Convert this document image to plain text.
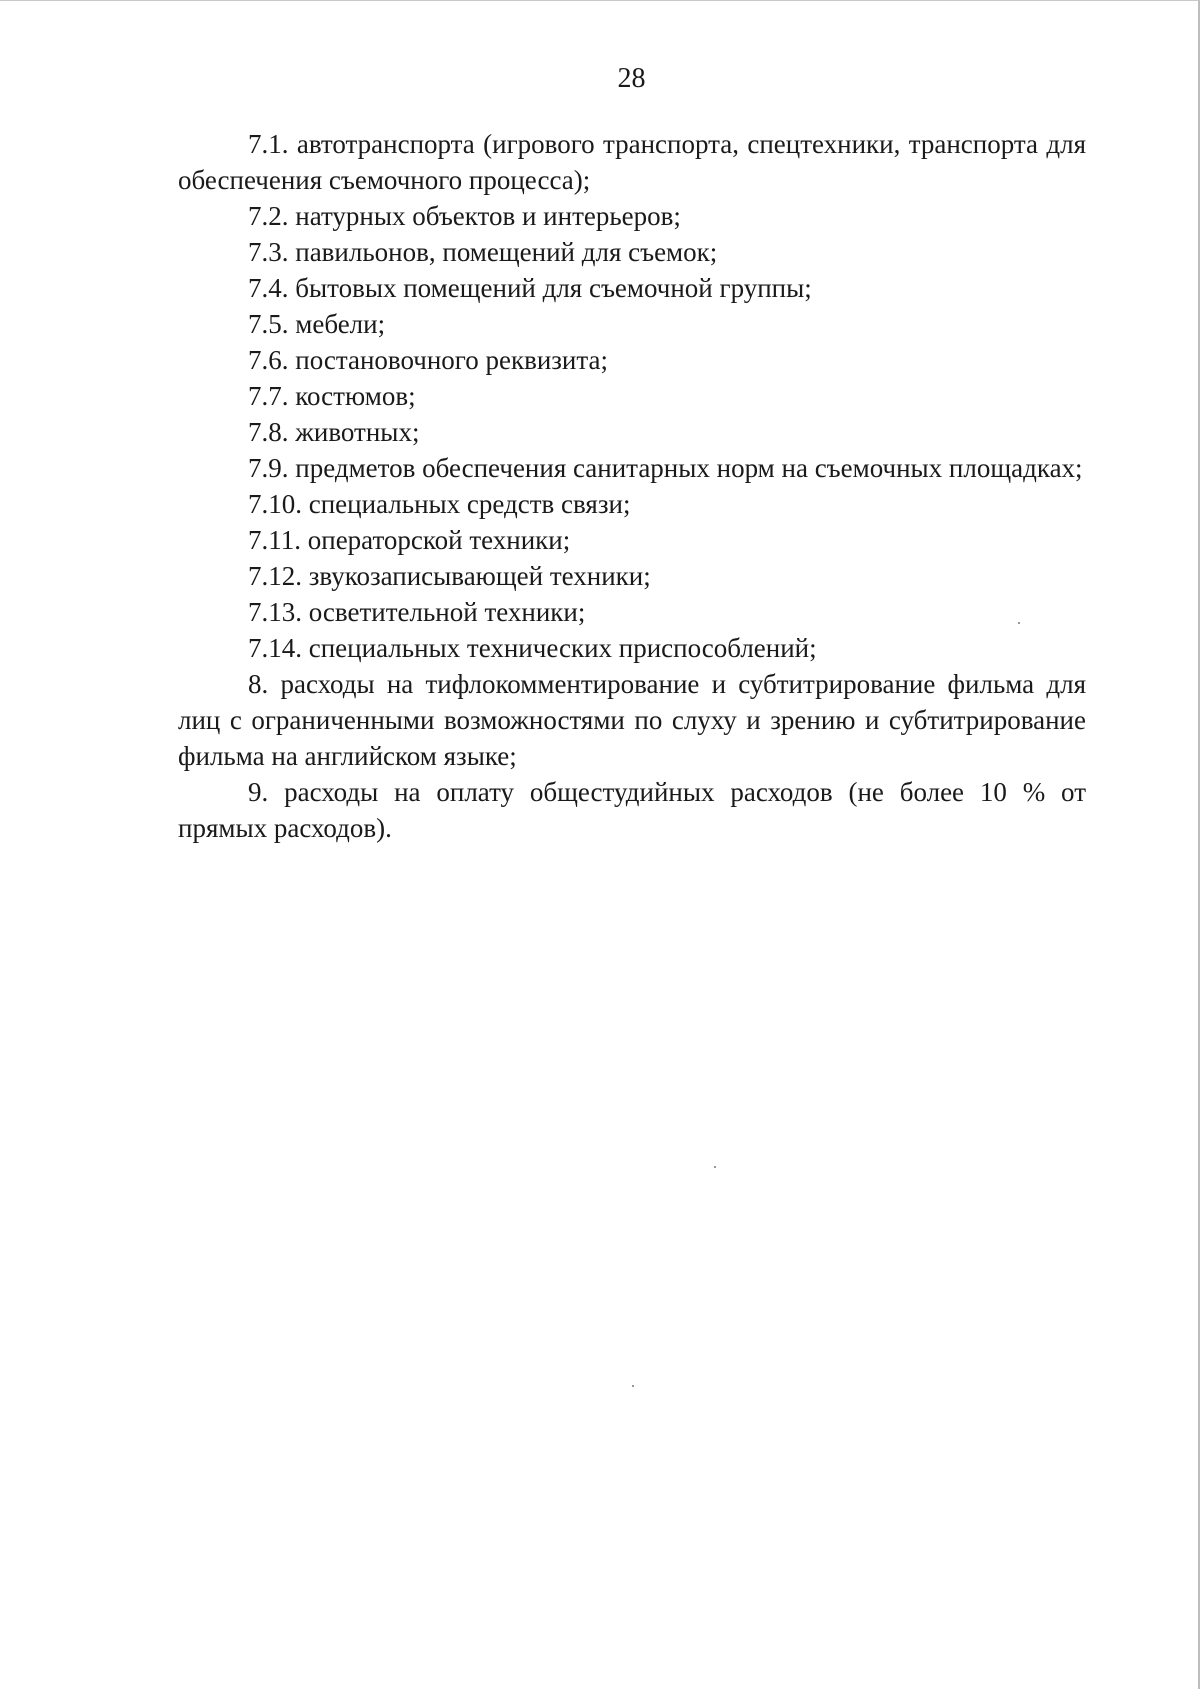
28

7.1. автотранспорта (игрового транспорта, спецтехники, транспорта для обеспечения съемочного процесса);

7.2. натурных объектов и интерьеров;

7.3. павильонов, помещений для съемок;

7.4. бытовых помещений для съемочной группы;

7.5. мебели;

7.6. постановочного реквизита;

7.7. костюмов;

7.8. животных;

7.9. предметов обеспечения санитарных норм на съемочных площадках;

7.10. специальных средств связи;

7.11. операторской техники;

7.12. звукозаписывающей техники;

7.13. осветительной техники;

7.14. специальных технических приспособлений;

8. расходы на тифлокомментирование и субтитрирование фильма для лиц с ограниченными возможностями по слуху и зрению и субтитрирование фильма на английском языке;

9. расходы на оплату общестудийных расходов (не более 10 % от прямых расходов).
